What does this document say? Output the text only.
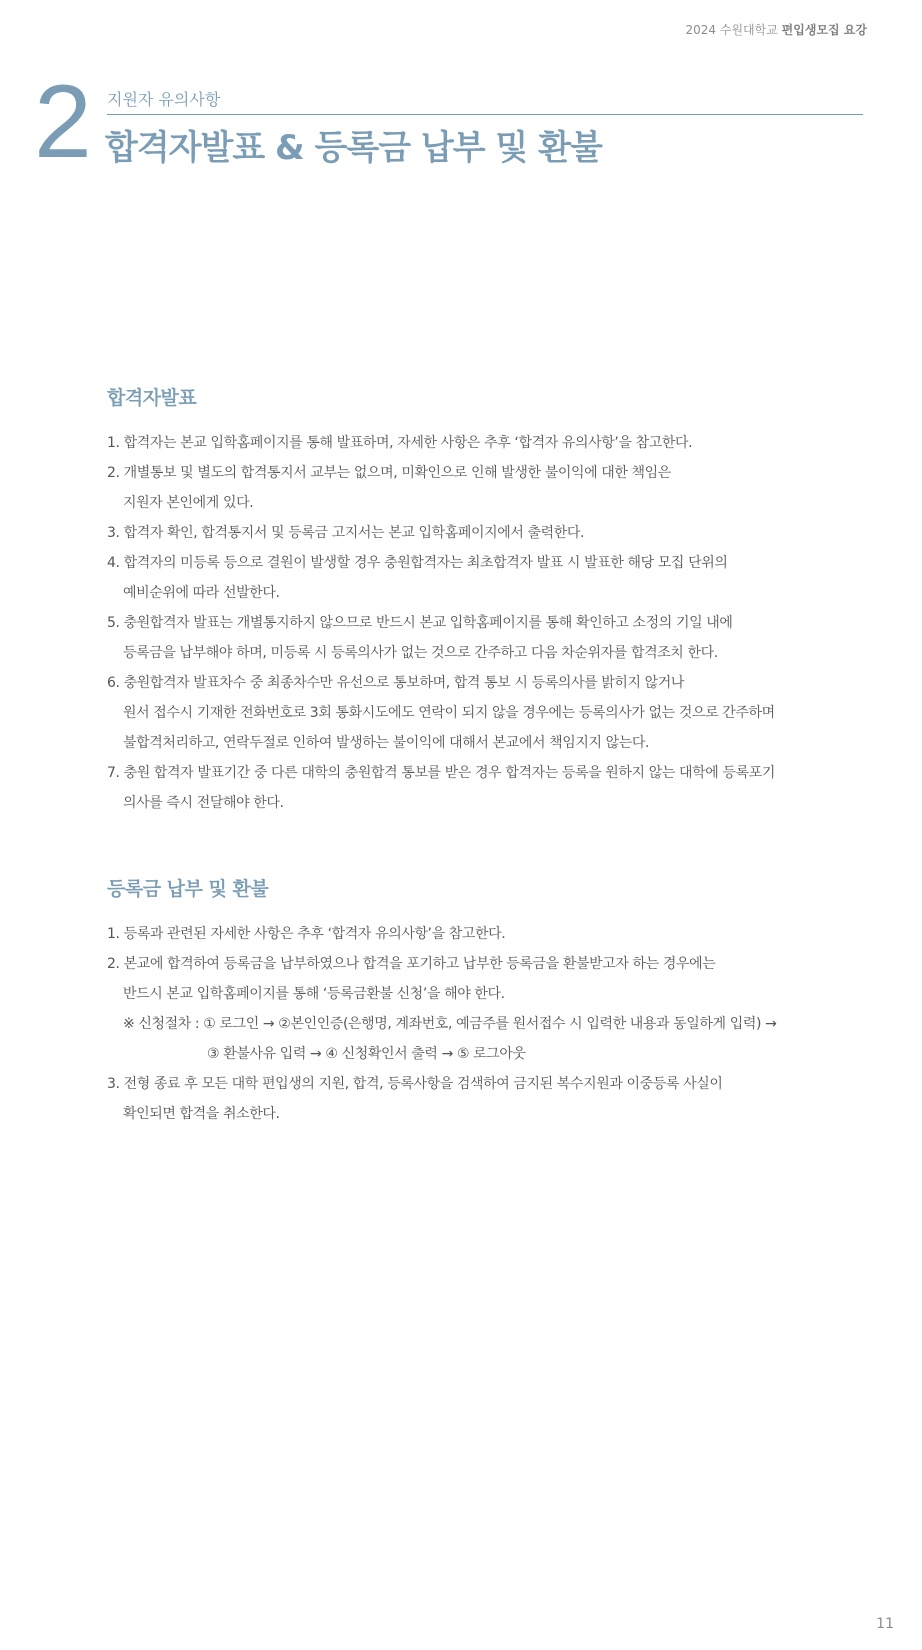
2024 수원대학교 편입생모집 요강
2 지원자 유의사항
합격자발표 & 등록금 납부 및 환불
합격자발표
1. 합격자는 본교 입학홈페이지를 통해 발표하며, 자세한 사항은 추후 ‘합격자 유의사항’을 참고한다.
2. 개별통보 및 별도의 합격통지서 교부는 없으며, 미확인으로 인해 발생한 불이익에 대한 책임은
지원자 본인에게 있다.
3. 합격자 확인, 합격통지서 및 등록금 고지서는 본교 입학홈페이지에서 출력한다.
4. 합격자의 미등록 등으로 결원이 발생할 경우 충원합격자는 최초합격자 발표 시 발표한 해당 모집 단위의
예비순위에 따라 선발한다.
5. 충원합격자 발표는 개별통지하지 않으므로 반드시 본교 입학홈페이지를 통해 확인하고 소정의 기일 내에
등록금을 납부해야 하며, 미등록 시 등록의사가 없는 것으로 간주하고 다음 차순위자를 합격조치 한다.
6. 충원합격자 발표차수 중 최종차수만 유선으로 통보하며, 합격 통보 시 등록의사를 밝히지 않거나
원서 접수시 기재한 전화번호로 3회 통화시도에도 연락이 되지 않을 경우에는 등록의사가 없는 것으로 간주하며
불합격처리하고, 연락두절로 인하여 발생하는 불이익에 대해서 본교에서 책임지지 않는다.
7. 충원 합격자 발표기간 중 다른 대학의 충원합격 통보를 받은 경우 합격자는 등록을 원하지 않는 대학에 등록포기
의사를 즉시 전달해야 한다.
등록금 납부 및 환불
1. 등록과 관련된 자세한 사항은 추후 ‘합격자 유의사항’을 참고한다.
2. 본교에 합격하여 등록금을 납부하였으나 합격을 포기하고 납부한 등록금을 환불받고자 하는 경우에는
반드시 본교 입학홈페이지를 통해 ‘등록금환불 신청’을 해야 한다.
※ 신청절차 : ① 로그인 → ②본인인증(은행명, 계좌번호, 예금주를 원서접수 시 입력한 내용과 동일하게 입력) →
③ 환불사유 입력 → ④ 신청확인서 출력 → ⑤ 로그아웃
3. 전형 종료 후 모든 대학 편입생의 지원, 합격, 등록사항을 검색하여 금지된 복수지원과 이중등록 사실이
확인되면 합격을 취소한다.
11
